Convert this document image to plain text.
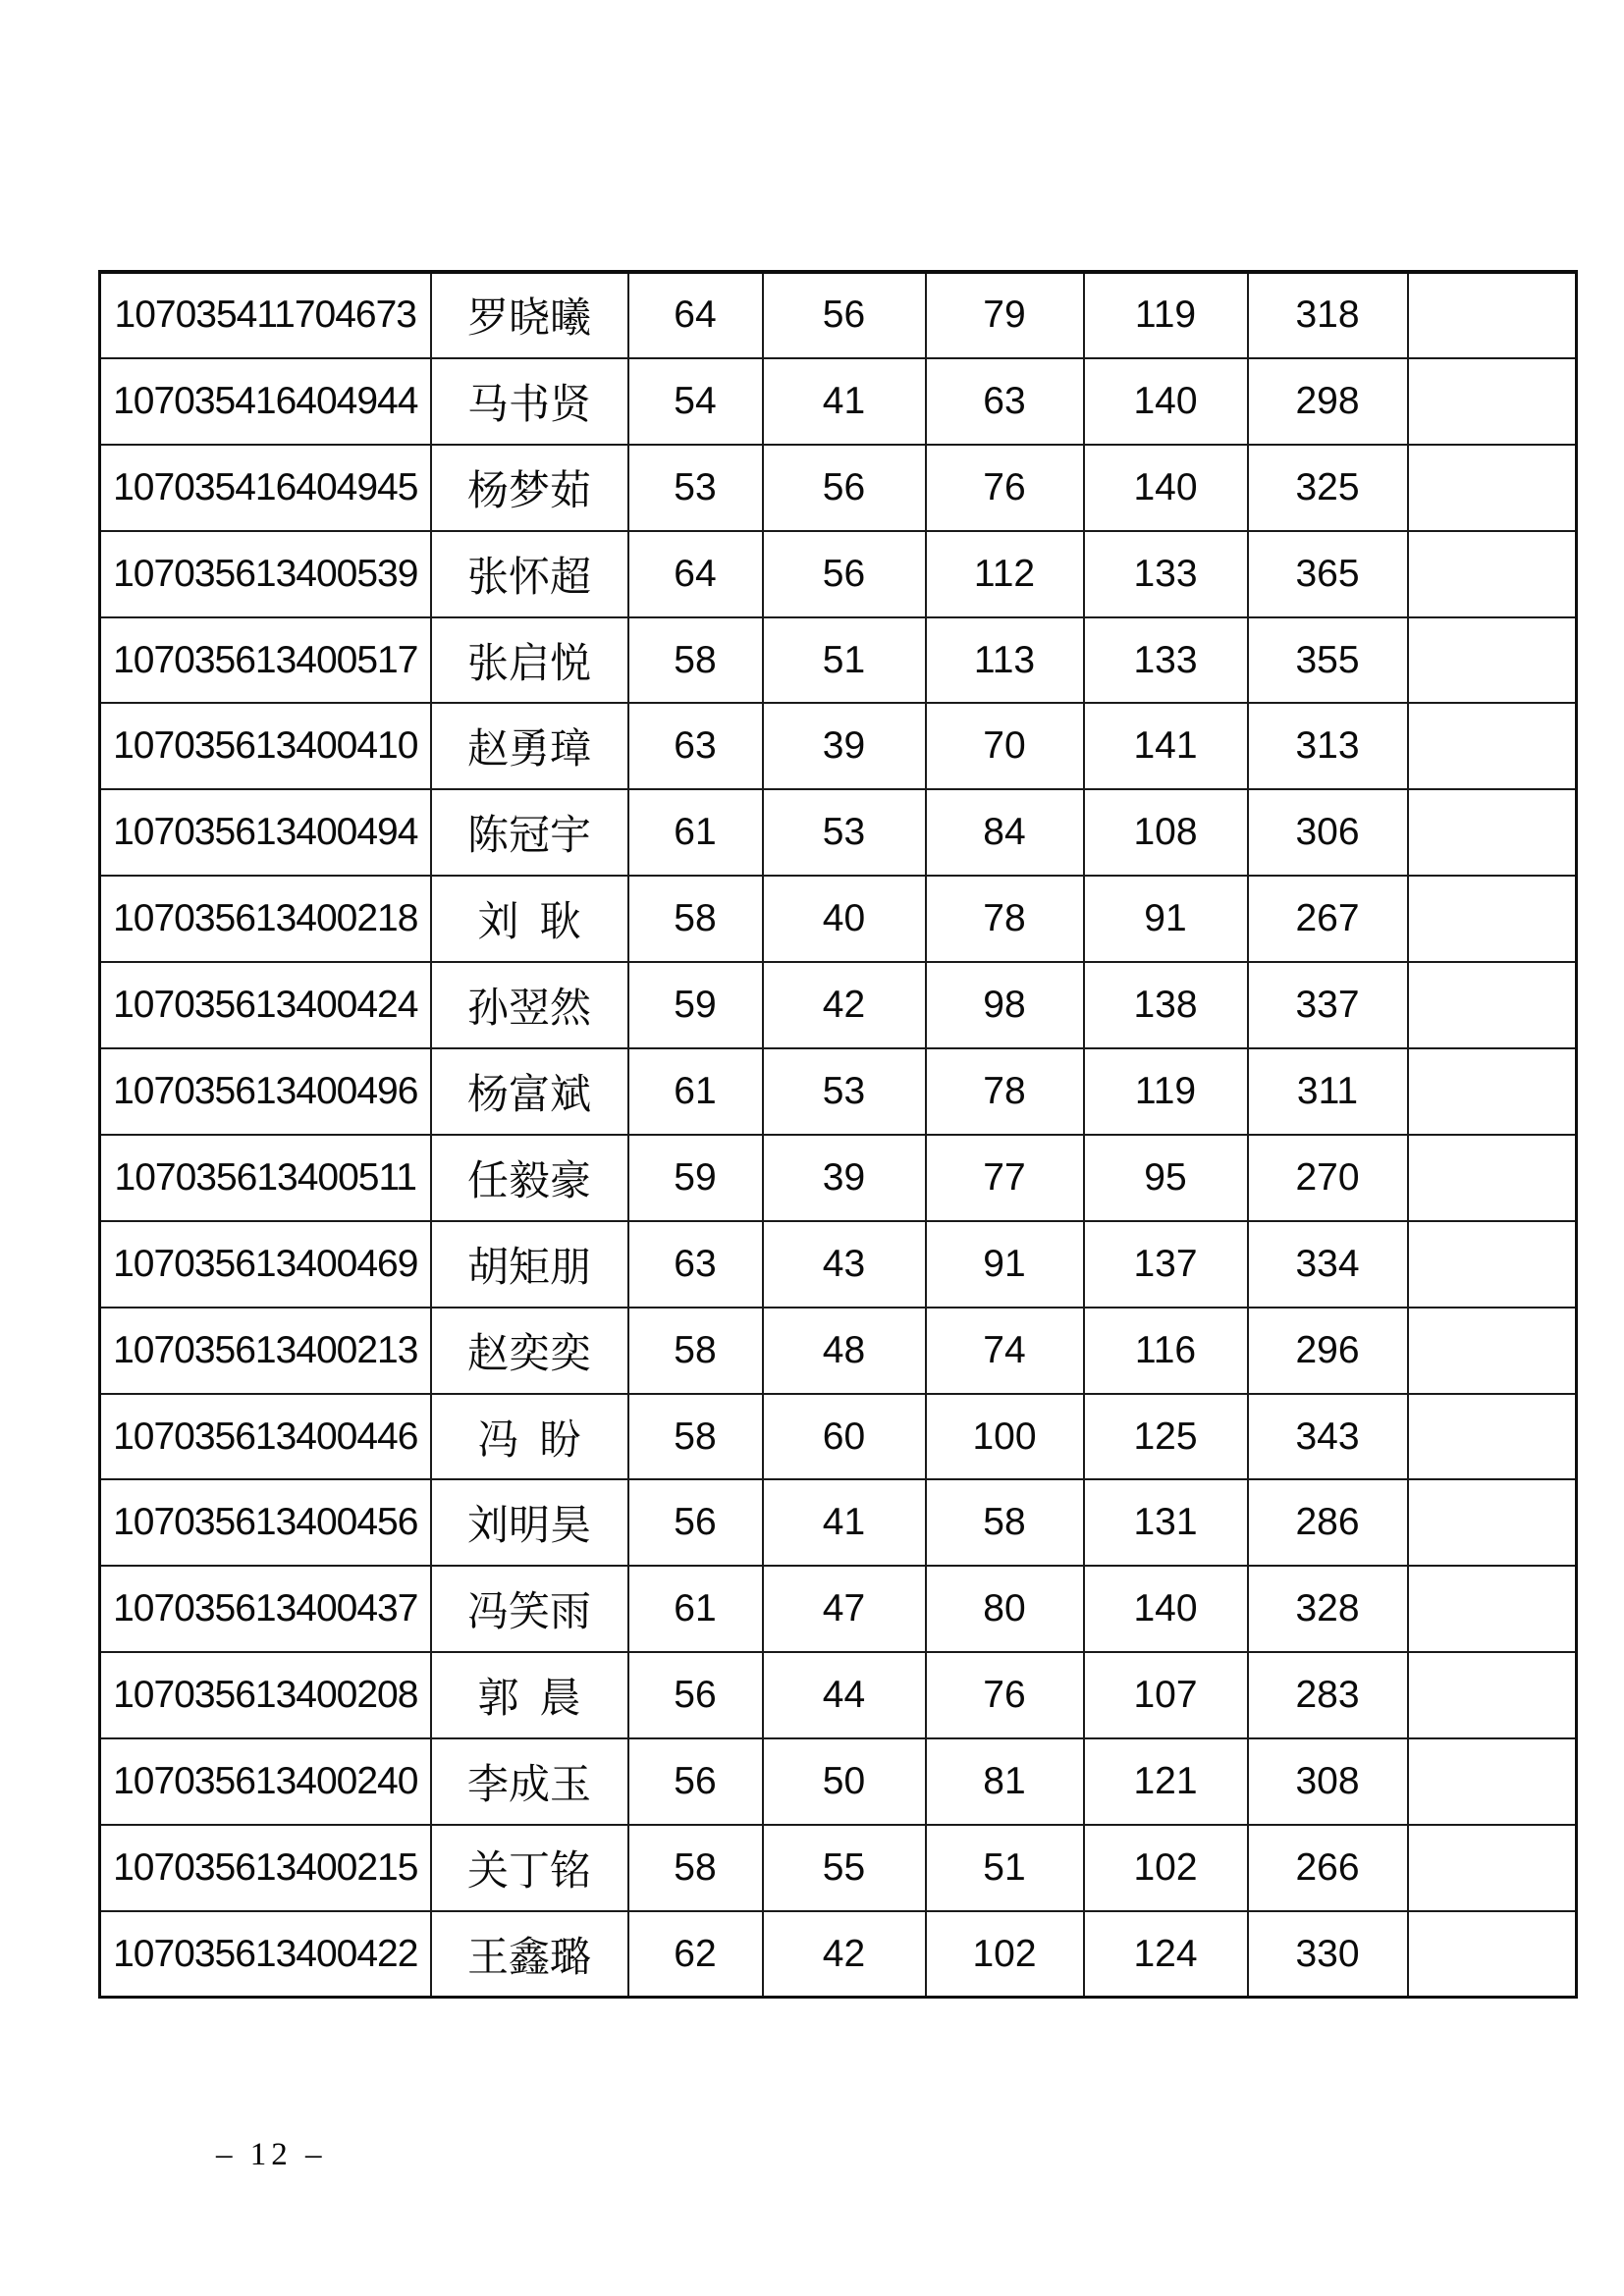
107035411704673	罗晓曦	64	56	79	119	318	
107035416404944	马书贤	54	41	63	140	298	
107035416404945	杨梦茹	53	56	76	140	325	
107035613400539	张怀超	64	56	112	133	365	
107035613400517	张启悦	58	51	113	133	355	
107035613400410	赵勇璋	63	39	70	141	313	
107035613400494	陈冠宇	61	53	84	108	306	
107035613400218	刘 耿	58	40	78	91	267	
107035613400424	孙翌然	59	42	98	138	337	
107035613400496	杨富斌	61	53	78	119	311	
107035613400511	任毅豪	59	39	77	95	270	
107035613400469	胡矩朋	63	43	91	137	334	
107035613400213	赵奕奕	58	48	74	116	296	
107035613400446	冯 盼	58	60	100	125	343	
107035613400456	刘明昊	56	41	58	131	286	
107035613400437	冯笑雨	61	47	80	140	328	
107035613400208	郭 晨	56	44	76	107	283	
107035613400240	李成玉	56	50	81	121	308	
107035613400215	关丁铭	58	55	51	102	266	
107035613400422	王鑫璐	62	42	102	124	330	
– 12 –
